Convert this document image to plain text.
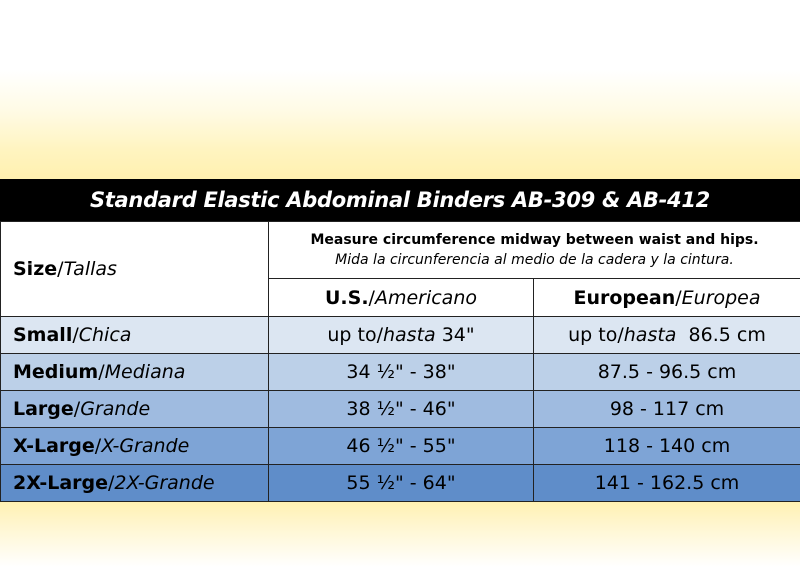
Standard Elastic Abdominal Binders AB-309 & AB-412
Size/Tallas	Measure circumference midway between waist and hips.
Mida la circunferencia al medio de la cadera y la cintura.	

	U.S./Americano	European/Europea
Small/Chica	up to/hasta 34"	up to/hasta  86.5 cm
Medium/Mediana	34 ½" - 38"	87.5 - 96.5 cm
Large/Grande	38 ½" - 46"	98 - 117 cm
X-Large/X-Grande	46 ½" - 55"	118 - 140 cm
2X-Large/2X-Grande	55 ½" - 64"	141 - 162.5 cm
